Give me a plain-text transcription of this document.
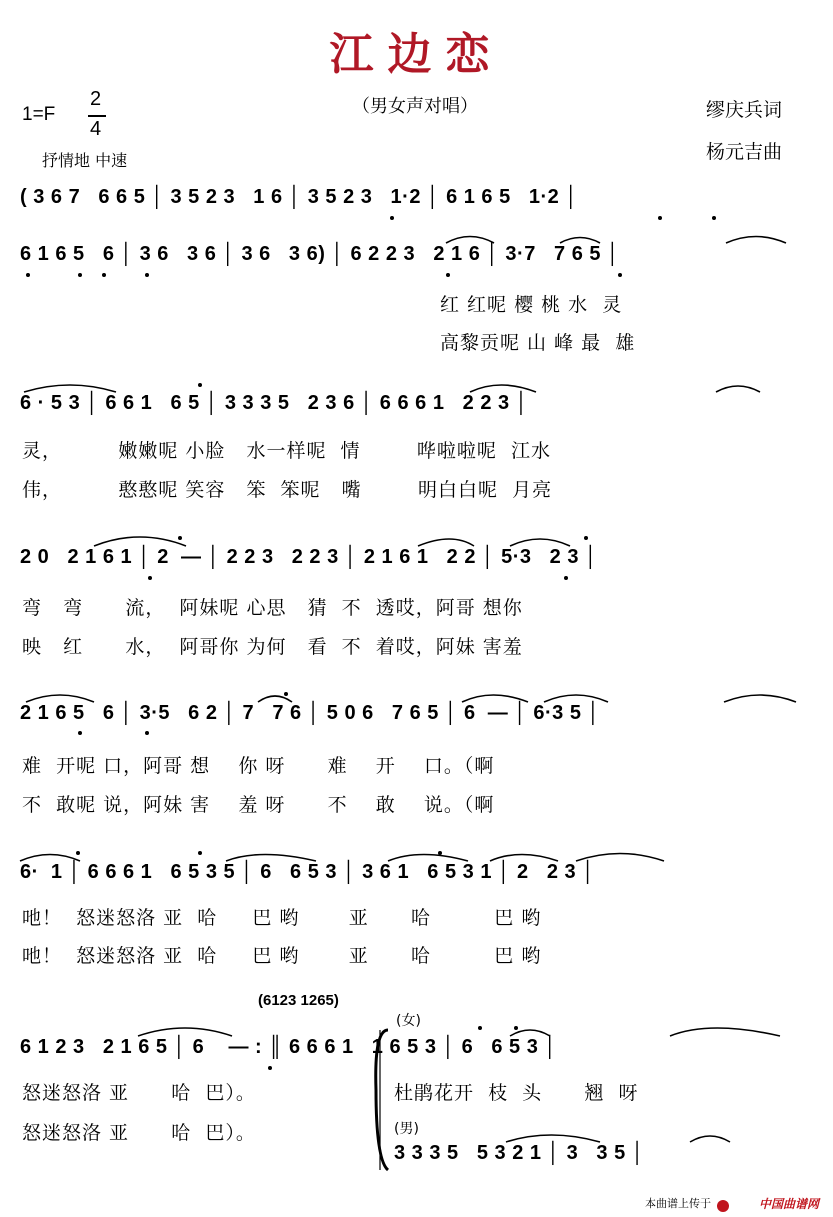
江边恋
（男女声对唱）
1=F
2
4
抒情地 中速
缪庆兵词
杨元吉曲
( 3 6 7   6 6 5 │ 3 5 2 3   1 6 │ 3 5 2 3   1·2 │ 6 1 6 5   1·2 │
6 1 6 5   6 │ 3 6   3 6 │ 3 6   3 6) │ 6 2 2 3   2 1 6 │ 3·7   7 6 5 │
红 红呢 樱 桃 水  灵
高黎贡呢 山 峰 最  雄
6 · 5 3 │ 6 6 1   6 5 │ 3 3 3 5   2 3 6 │ 6 6 6 1   2 2 3 │
灵，        嫩嫩呢 小脸   水一样呢  情        哗啦啦呢  江水
伟，        憨憨呢 笑容   笨  笨呢   嘴        明白白呢  月亮
2 0   2 1 6 1 │ 2  — │ 2 2 3   2 2 3 │ 2 1 6 1   2 2 │ 5·3   2 3 │
弯   弯      流，  阿妹呢 心思   猜  不  透哎，阿哥 想你
映   红      水，  阿哥你 为何   看  不  着哎，阿妹 害羞
2 1 6 5   6 │ 3·5   6 2 │ 7   7 6 │ 5 0 6   7 6 5 │ 6  — │ 6·3 5 │
难  开呢 口，阿哥 想    你 呀      难    开    口。（啊
不  敢呢 说，阿妹 害    羞 呀      不    敢    说。（啊
6·  1 │ 6 6 6 1   6 5 3 5 │ 6   6 5 3 │ 3 6 1   6 5 3 1 │ 2   2 3 │
吔！  怒迷怒洛 亚  哈     巴 哟       亚      哈         巴 哟
吔！  怒迷怒洛 亚  哈     巴 哟       亚      哈         巴 哟
(6123 1265)
(女)
6 1 2 3   2 1 6 5 │ 6    — : ║ 6 6 6 1   1 6 5 3 │ 6   6 5 3 │
怒迷怒洛 亚      哈  巴）。	杜鹃花开  枝  头      翘  呀
怒迷怒洛 亚      哈  巴）。	(男)
3 3 3 5   5 3 2 1 │ 3   3 5 │
本曲谱上传于	中国曲谱网
